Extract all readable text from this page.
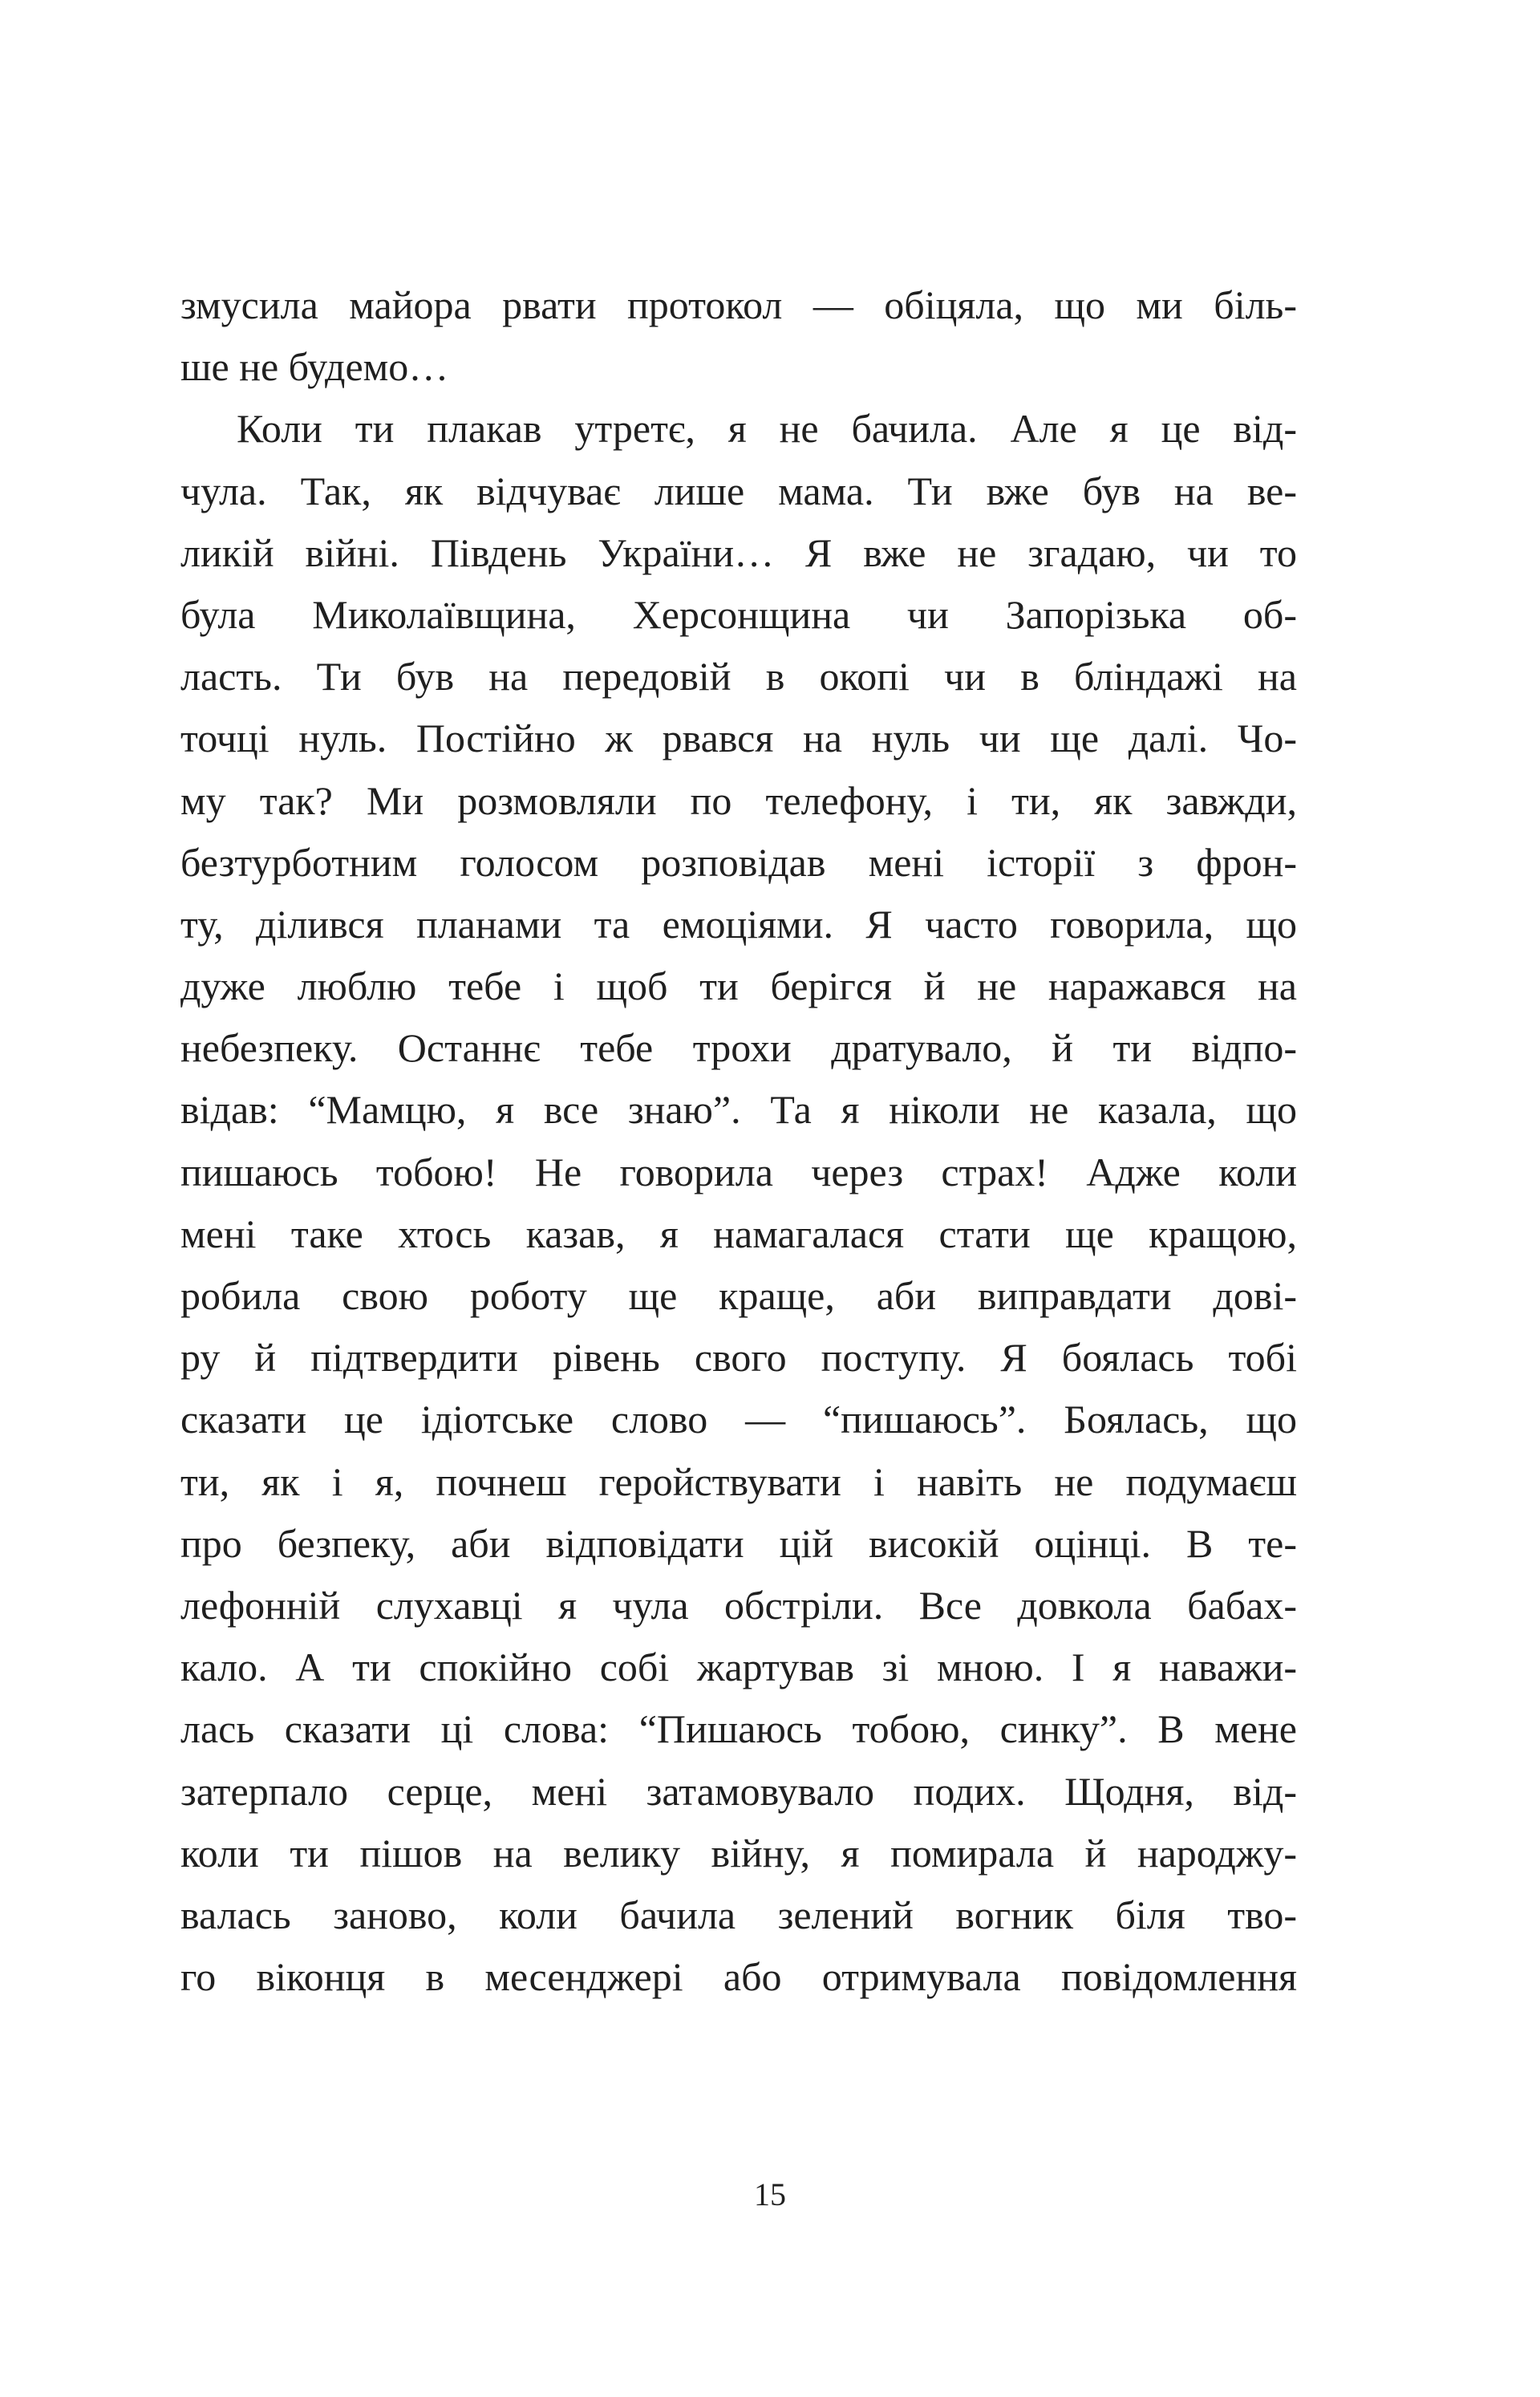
змусила майора рвати протокол — обіцяла, що ми біль-
ше не будемо…
Коли ти плакав утретє, я не бачила. Але я це від-
чула. Так, як відчуває лише мама. Ти вже був на ве-
ликій війні. Південь України… Я вже не згадаю, чи то
була Миколаївщина, Херсонщина чи Запорізька об-
ласть. Ти був на передовій в окопі чи в бліндажі на
точці нуль. Постійно ж рвався на нуль чи ще далі. Чо-
му так? Ми розмовляли по телефону, і ти, як завжди,
безтурботним голосом розповідав мені історії з фрон-
ту, ділився планами та емоціями. Я часто говорила, що
дуже люблю тебе і щоб ти берігся й не наражався на
небезпеку. Останнє тебе трохи дратувало, й ти відпо-
відав: “Мамцю, я все знаю”. Та я ніколи не казала, що
пишаюсь тобою! Не говорила через страх! Адже коли
мені таке хтось казав, я намагалася стати ще кращою,
робила свою роботу ще краще, аби виправдати дові-
ру й підтвердити рівень свого поступу. Я боялась тобі
сказати це ідіотське слово — “пишаюсь”. Боялась, що
ти, як і я, почнеш геройствувати і навіть не подумаєш
про безпеку, аби відповідати цій високій оцінці. В те-
лефонній слухавці я чула обстріли. Все довкола бабах-
кало. А ти спокійно собі жартував зі мною. І я наважи-
лась сказати ці слова: “Пишаюсь тобою, синку”. В мене
затерпало серце, мені затамовувало подих. Щодня, від-
коли ти пішов на велику війну, я помирала й народжу-
валась заново, коли бачила зелений вогник біля тво-
го віконця в месенджері або отримувала повідомлення
15
